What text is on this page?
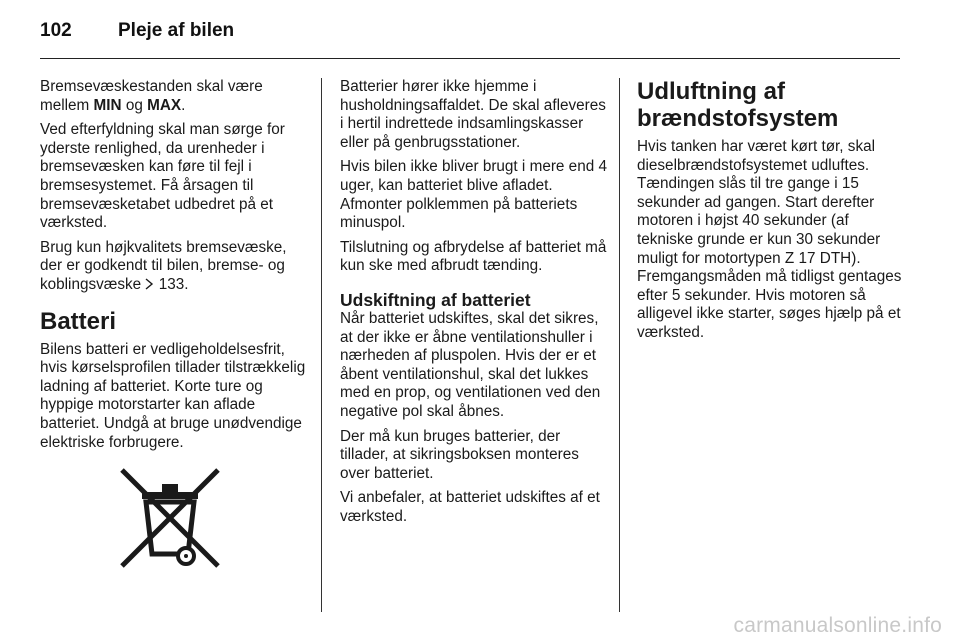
102 Pleje af bilen

Bremsevæskestanden skal være mellem MIN og MAX.

Ved efterfyldning skal man sørge for yderste renlighed, da urenheder i bremsevæsken kan føre til fejl i bremsesystemet. Få årsagen til bremsevæsketabet udbedret på et værksted.

Brug kun højkvalitets bremsevæske, der er godkendt til bilen, bremse- og koblingsvæske  133.

Batteri

Bilens batteri er vedligeholdelsesfrit, hvis kørselsprofilen tillader tilstrækkelig ladning af batteriet. Korte ture og hyppige motorstarter kan aflade batteriet. Undgå at bruge unødvendige elektriske forbrugere.

Batterier hører ikke hjemme i husholdningsaffaldet. De skal afleveres i hertil indrettede indsamlingskasser eller på genbrugsstationer.

Hvis bilen ikke bliver brugt i mere end 4 uger, kan batteriet blive afladet. Afmonter polklemmen på batteriets minuspol.

Tilslutning og afbrydelse af batteriet må kun ske med afbrudt tænding.

Udskiftning af batteriet

Når batteriet udskiftes, skal det sikres, at der ikke er åbne ventilationshuller i nærheden af pluspolen. Hvis der er et åbent ventilationshul, skal det lukkes med en prop, og ventilationen ved den negative pol skal åbnes.

Der må kun bruges batterier, der tillader, at sikringsboksen monteres over batteriet.

Vi anbefaler, at batteriet udskiftes af et værksted.

Udluftning af brændstofsystem

Hvis tanken har været kørt tør, skal dieselbrændstofsystemet udluftes. Tændingen slås til tre gange i 15 sekunder ad gangen. Start derefter motoren i højst 40 sekunder (af tekniske grunde er kun 30 sekunder muligt for motortypen Z 17 DTH). Fremgangsmåden må tidligst gentages efter 5 sekunder. Hvis motoren så alligevel ikke starter, søges hjælp på et værksted.

carmanualsonline.info
